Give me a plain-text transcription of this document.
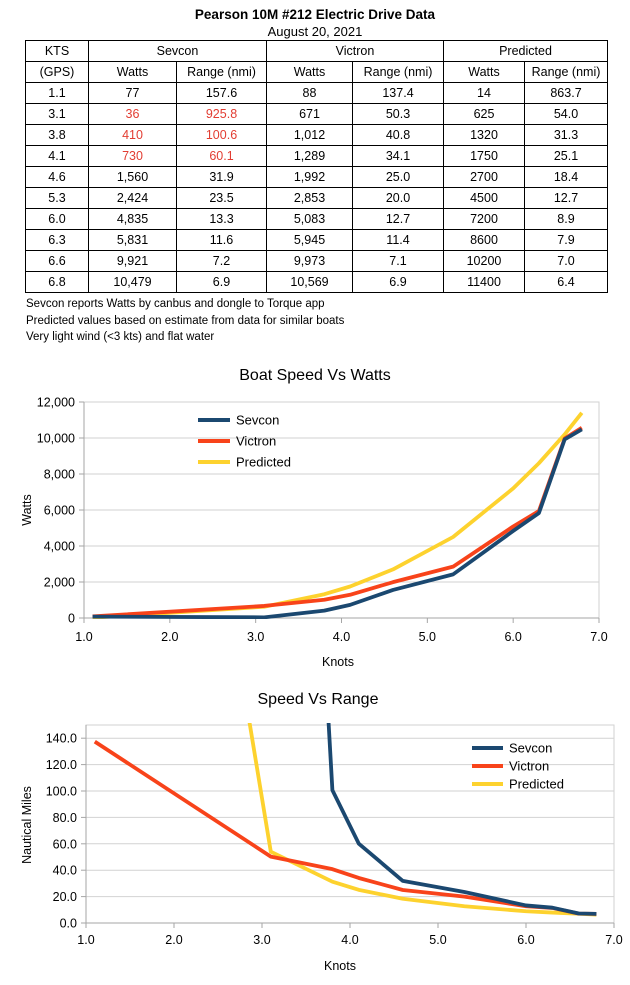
Pearson 10M #212 Electric Drive Data
August 20, 2021
KTS	Sevcon		Victron		Predicted	
(GPS)	Watts	Range (nmi)	Watts	Range (nmi)	Watts	Range (nmi)
1.1	77	157.6	88	137.4	14	863.7
3.1	36	925.8	671	50.3	625	54.0
3.8	410	100.6	1,012	40.8	1320	31.3
4.1	730	60.1	1,289	34.1	1750	25.1
4.6	1,560	31.9	1,992	25.0	2700	18.4
5.3	2,424	23.5	2,853	20.0	4500	12.7
6.0	4,835	13.3	5,083	12.7	7200	8.9
6.3	5,831	11.6	5,945	11.4	8600	7.9
6.6	9,921	7.2	9,973	7.1	10200	7.0
6.8	10,479	6.9	10,569	6.9	11400	6.4
Sevcon reports Watts by canbus and dongle to Torque app
Predicted values based on estimate from data for similar boats
Very light wind (<3 kts) and flat water
0
2,000
4,000
6,000
8,000
10,000
12,000
1.0	2.0	3.0	4.0	5.0	6.0	7.0
Boat Speed Vs Watts
Knots
Watts
Sevcon
Victron
Predicted
0.0
20.0
40.0
60.0
80.0
100.0
120.0
140.0
1.0	2.0	3.0	4.0	5.0	6.0	7.0
Speed Vs Range
Knots
Nautical Miles
Sevcon
Victron
Predicted
